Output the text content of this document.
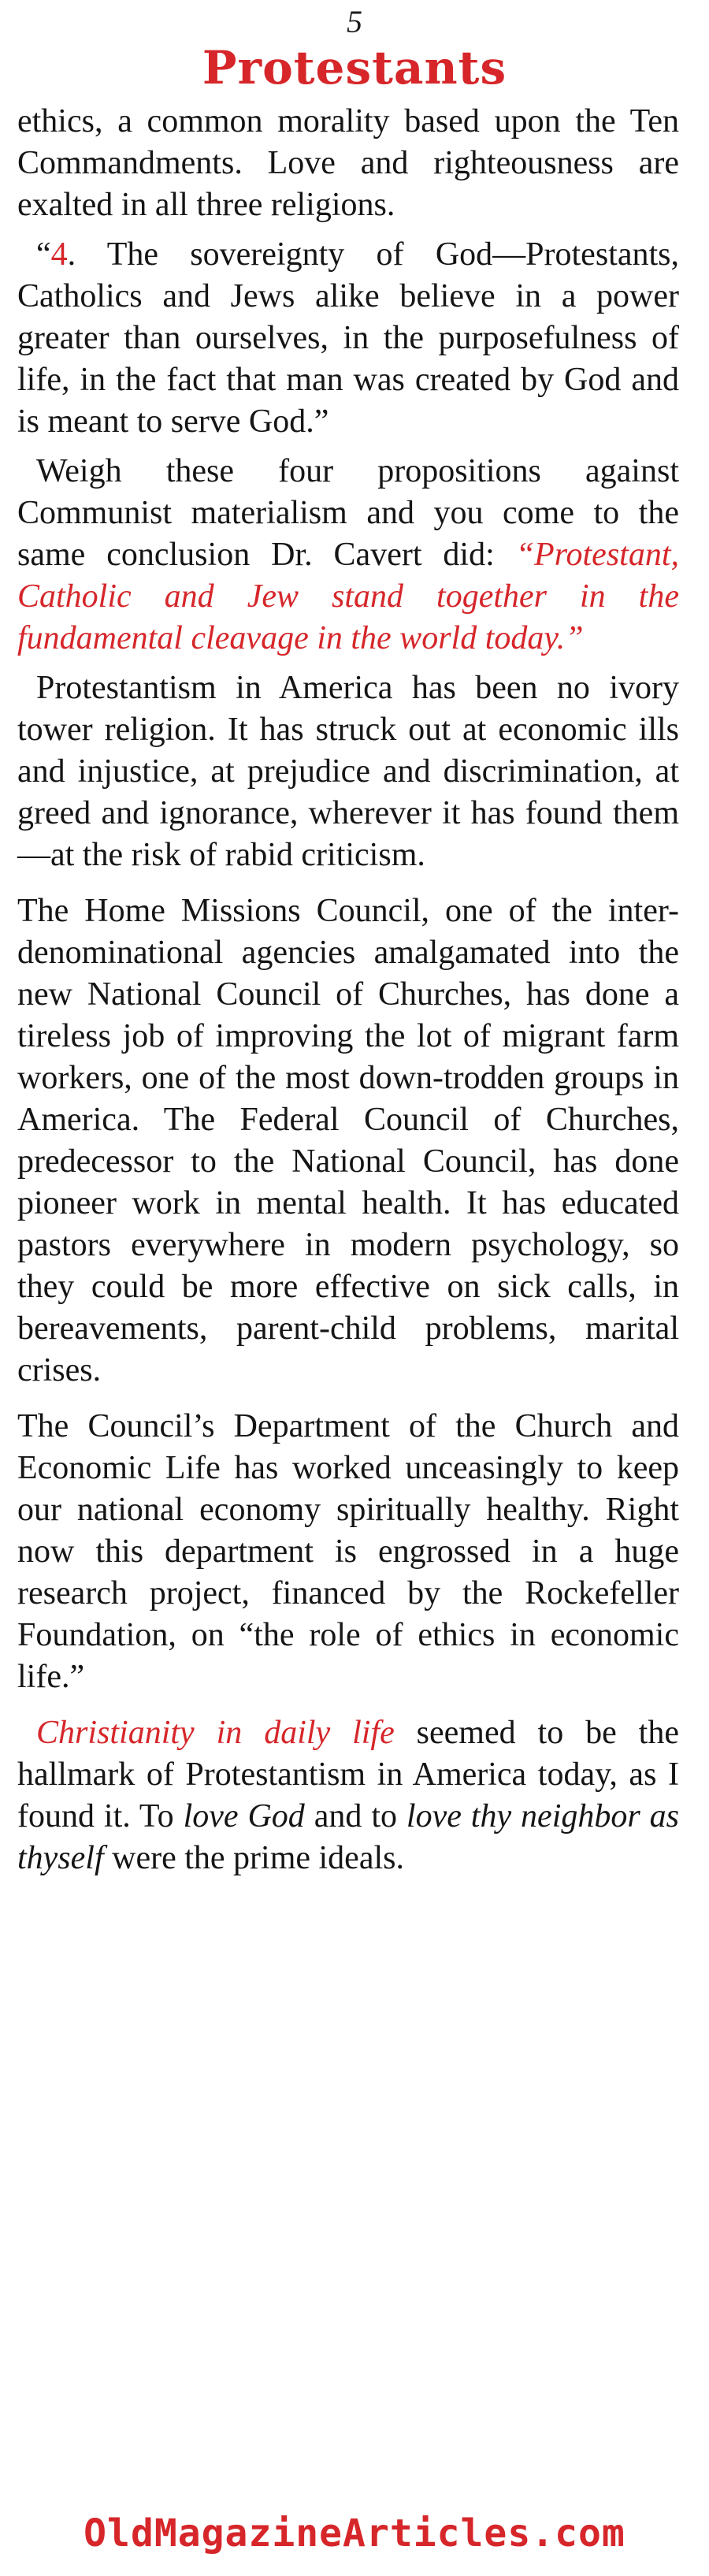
5
Protestants

ethics, a common morality based upon the Ten Commandments. Love and righteousness are exalted in all three religions.

“4. The sovereignty of God—Protestants, Catholics and Jews alike believe in a power greater than ourselves, in the purposefulness of life, in the fact that man was created by God and is meant to serve God.”

Weigh these four propositions against Communist materialism and you come to the same conclusion Dr. Cavert did: “Protestant, Catholic and Jew stand together in the fundamental cleavage in the world today.”

Protestantism in America has been no ivory tower religion. It has struck out at economic ills and injustice, at prejudice and discrimination, at greed and ignorance, wherever it has found them—at the risk of rabid criticism.

The Home Missions Council, one of the inter-denominational agencies amalgamated into the new National Council of Churches, has done a tireless job of improving the lot of migrant farm workers, one of the most down-trodden groups in America. The Federal Council of Churches, predecessor to the National Council, has done pioneer work in mental health. It has educated pastors everywhere in modern psychology, so they could be more effective on sick calls, in bereavements, parent-child problems, marital crises.

The Council’s Department of the Church and Economic Life has worked unceasingly to keep our national economy spiritually healthy. Right now this department is engrossed in a huge research project, financed by the Rockefeller Foundation, on “the role of ethics in economic life.”

Christianity in daily life seemed to be the hallmark of Protestantism in America today, as I found it. To love God and to love thy neighbor as thyself were the prime ideals.

OldMagazineArticles.com
